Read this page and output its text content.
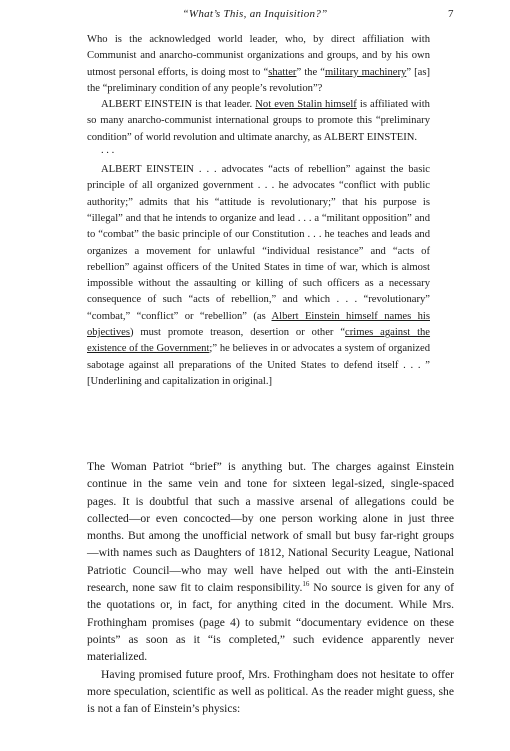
“What’s This, an Inquisition?”	7

Who is the acknowledged world leader, who, by direct affiliation with Communist and anarcho-communist organizations and groups, and by his own utmost personal efforts, is doing most to “shatter” the “military machinery” [as] the “preliminary condition of any people’s revolution”?

ALBERT EINSTEIN is that leader. Not even Stalin himself is affiliated with so many anarcho-communist international groups to promote this “preliminary condition” of world revolution and ultimate anarchy, as ALBERT EINSTEIN.

. . .

ALBERT EINSTEIN . . . advocates “acts of rebellion” against the basic principle of all organized government . . . he advocates “conflict with public authority;” admits that his “attitude is revolutionary;” that his purpose is “illegal” and that he intends to organize and lead . . . a “militant opposition” and to “combat” the basic principle of our Constitution . . . he teaches and leads and organizes a movement for unlawful “individual resistance” and “acts of rebellion” against officers of the United States in time of war, which is almost impossible without the assaulting or killing of such officers as a necessary consequence of such “acts of rebellion,” and which . . . “revolutionary” “combat,” “conflict” or “rebellion” (as Albert Einstein himself names his objectives) must promote treason, desertion or other “crimes against the existence of the Government;” he believes in or advocates a system of organized sabotage against all preparations of the United States to defend itself . . . ” [Underlining and capitalization in original.]

The Woman Patriot “brief” is anything but. The charges against Einstein continue in the same vein and tone for sixteen legal-sized, single-spaced pages. It is doubtful that such a massive arsenal of allegations could be collected—or even concocted—by one person working alone in just three months. But among the unofficial network of small but busy far-right groups—with names such as Daughters of 1812, National Security League, National Patriotic Council—who may well have helped out with the anti-Einstein research, none saw fit to claim responsibility.$^{16}$ No source is given for any of the quotations or, in fact, for anything cited in the document. While Mrs. Frothingham promises (page 4) to submit “documentary evidence on these points” as soon as it “is completed,” such evidence apparently never materialized.

Having promised future proof, Mrs. Frothingham does not hesitate to offer more speculation, scientific as well as political. As the reader might guess, she is not a fan of Einstein’s physics:
